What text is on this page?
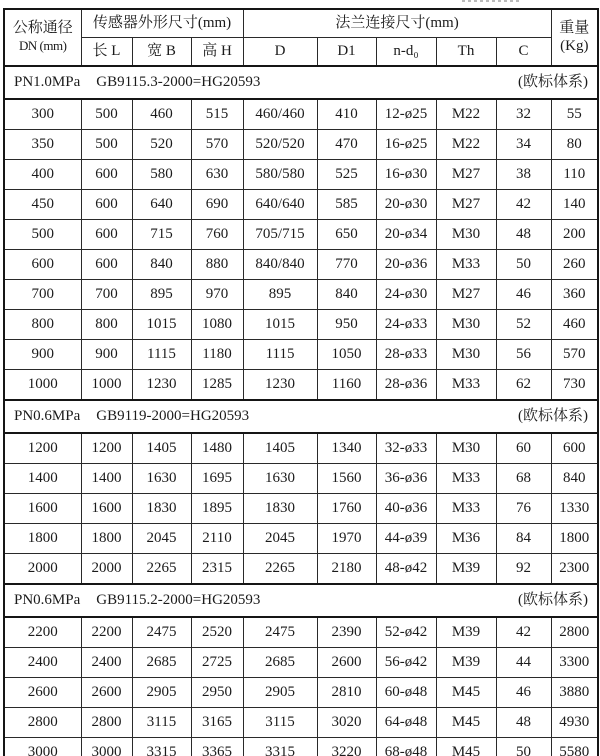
公称通径
DN (mm)	传感器外形尺寸(mm)			法兰连接尺寸(mm)					重量
(Kg)
	长 L	宽 B	高 H	D	D1	n-d₀	Th	C	

PN1.0MPa GB9115.3-2000=HG20593 (欧标体系)									

300	500	460	515	460/460	410	12-ø25	M22	32	55
350	500	520	570	520/520	470	16-ø25	M22	34	80
400	600	580	630	580/580	525	16-ø30	M27	38	110
450	600	640	690	640/640	585	20-ø30	M27	42	140
500	600	715	760	705/715	650	20-ø34	M30	48	200
600	600	840	880	840/840	770	20-ø36	M33	50	260
700	700	895	970	895	840	24-ø30	M27	46	360
800	800	1015	1080	1015	950	24-ø33	M30	52	460
900	900	1115	1180	1115	1050	28-ø33	M30	56	570
1000	1000	1230	1285	1230	1160	28-ø36	M33	62	730

PN0.6MPa GB9119-2000=HG20593 (欧标体系)									

1200	1200	1405	1480	1405	1340	32-ø33	M30	60	600
1400	1400	1630	1695	1630	1560	36-ø36	M33	68	840
1600	1600	1830	1895	1830	1760	40-ø36	M33	76	1330
1800	1800	2045	2110	2045	1970	44-ø39	M36	84	1800
2000	2000	2265	2315	2265	2180	48-ø42	M39	92	2300

PN0.6MPa GB9115.2-2000=HG20593 (欧标体系)									

2200	2200	2475	2520	2475	2390	52-ø42	M39	42	2800
2400	2400	2685	2725	2685	2600	56-ø42	M39	44	3300
2600	2600	2905	2950	2905	2810	60-ø48	M45	46	3880
2800	2800	3115	3165	3115	3020	64-ø48	M45	48	4930
3000	3000	3315	3365	3315	3220	68-ø48	M45	50	5580
